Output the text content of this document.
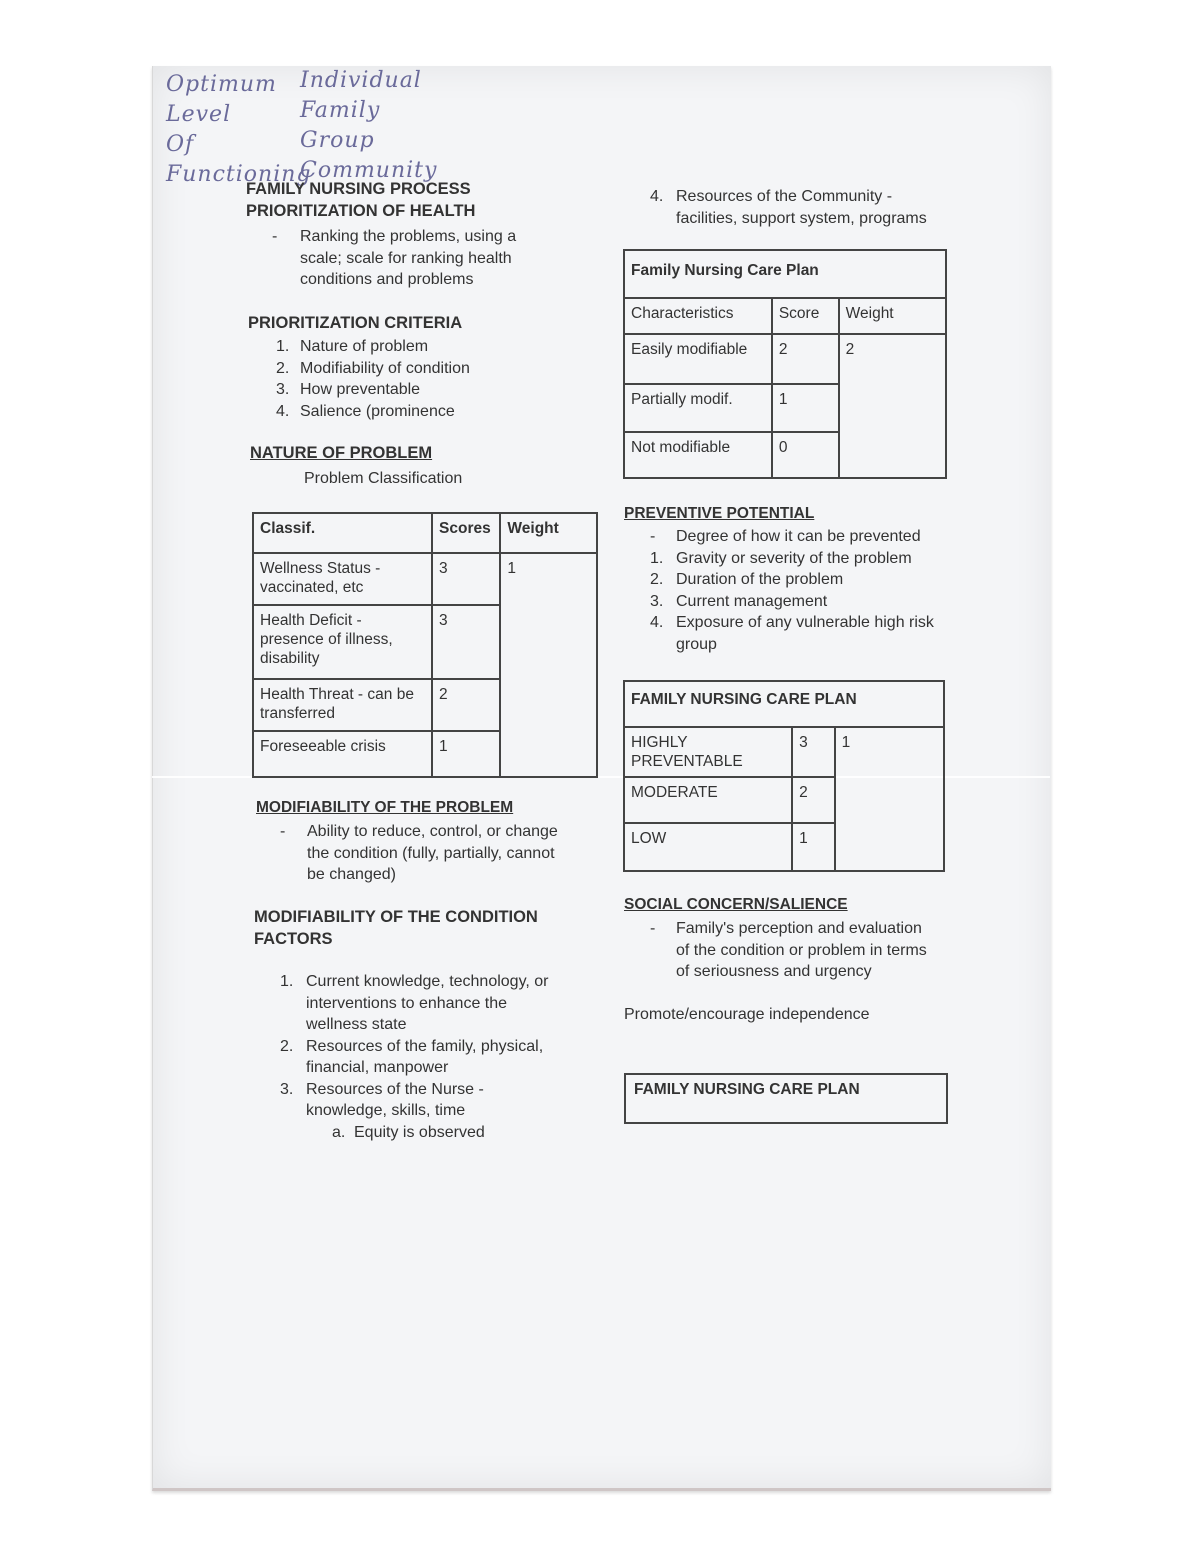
Optimum
Level
Of
Functioning
Individual
Family
Group
Community
FAMILY NURSING PROCESS
PRIORITIZATION OF HEALTH
-	Ranking the problems, using a
scale; scale for ranking health
conditions and problems
PRIORITIZATION CRITERIA
1. Nature of problem
2. Modifiability of condition
3. How preventable
4. Salience (prominence
NATURE OF PROBLEM
Problem Classification
Classif.	Scores	Weight
Wellness Status - vaccinated, etc	3	1
Health Deficit - presence of illness, disability	3	
Health Threat - can be transferred	2	
Foreseeable crisis	1	
MODIFIABILITY OF THE PROBLEM
-	Ability to reduce, control, or change
the condition (fully, partially, cannot
be changed)
MODIFIABILITY OF THE CONDITION
FACTORS
1. Current knowledge, technology, or
interventions to enhance the
wellness state
2. Resources of the family, physical,
financial, manpower
3. Resources of the Nurse -
knowledge, skills, time
a. Equity is observed
4. Resources of the Community -
facilities, support system, programs
Family Nursing Care Plan
Characteristics	Score	Weight
Easily modifiable	2	2
Partially modif.	1	
Not modifiable	0	
PREVENTIVE POTENTIAL
-	Degree of how it can be prevented
1. Gravity or severity of the problem
2. Duration of the problem
3. Current management
4. Exposure of any vulnerable high risk
group
FAMILY NURSING CARE PLAN
HIGHLY PREVENTABLE	3	1
MODERATE	2	
LOW	1	
SOCIAL CONCERN/SALIENCE
-	Family's perception and evaluation
of the condition or problem in terms
of seriousness and urgency
Promote/encourage independence
FAMILY NURSING CARE PLAN
